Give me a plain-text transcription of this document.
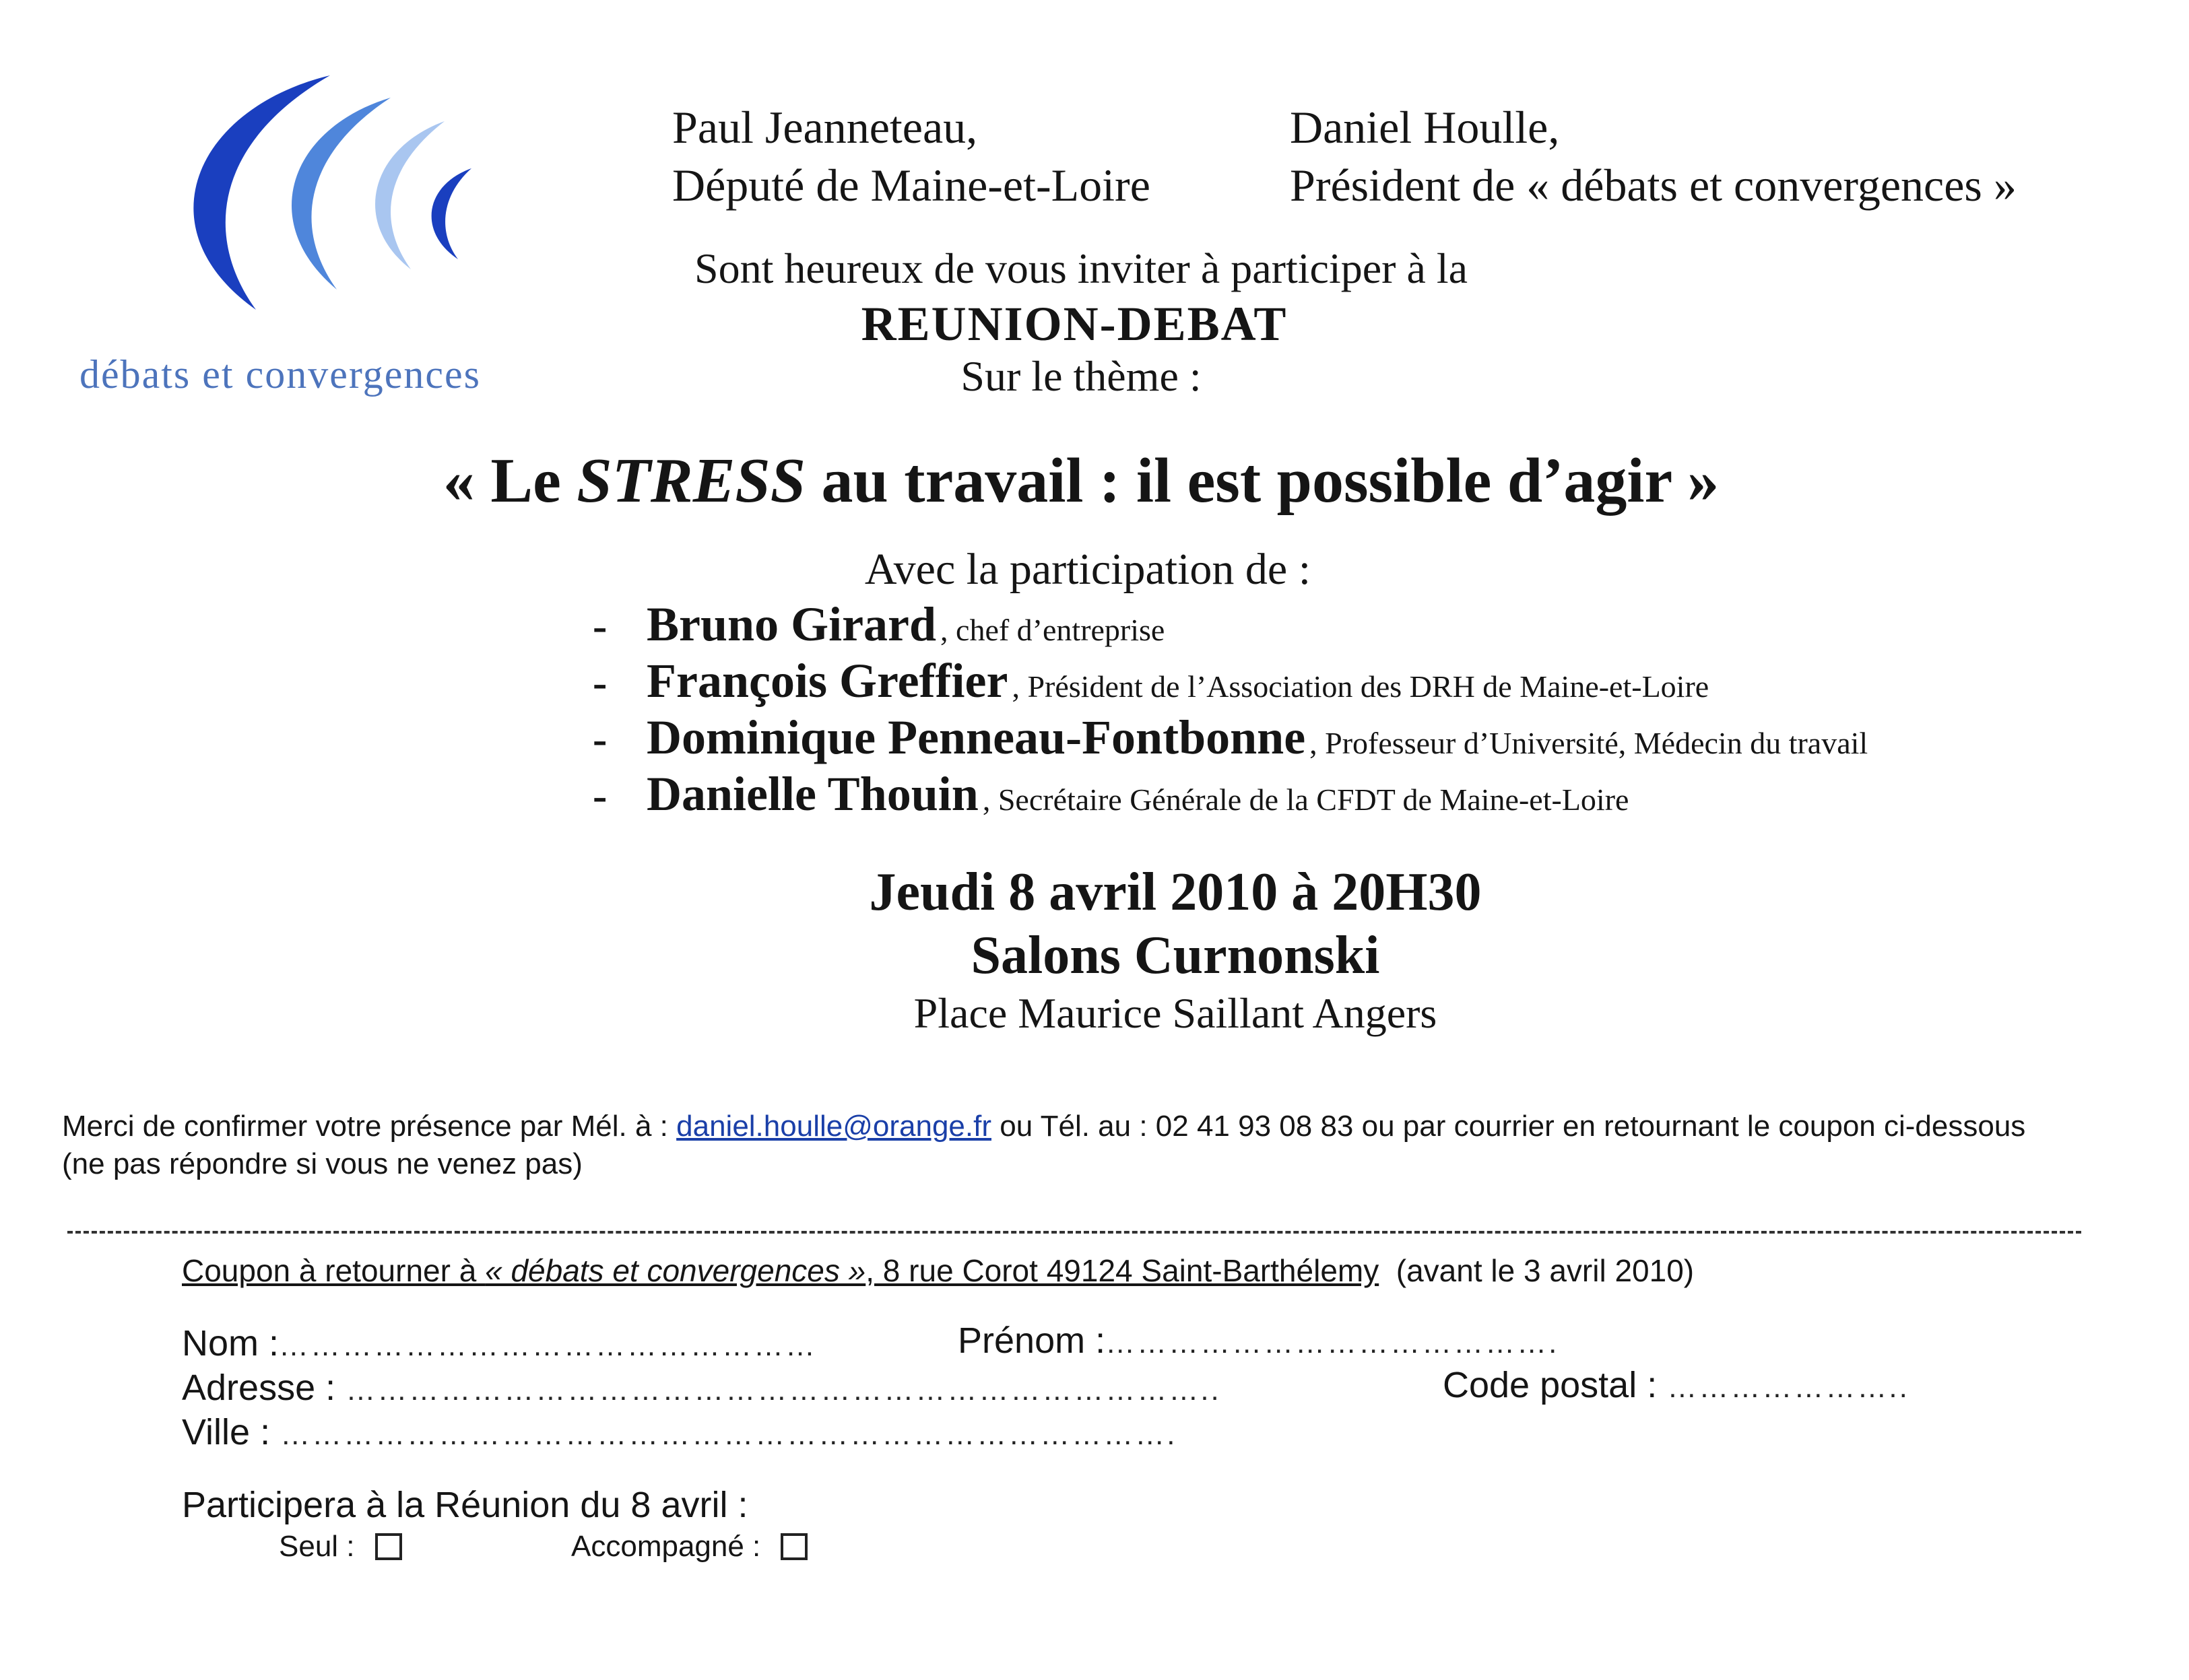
débats et convergences
Paul Jeanneteau,
Député de Maine-et-Loire
Daniel Houlle,
Président de « débats et convergences »
Sont heureux de vous inviter à participer à la
REUNION-DEBAT
Sur le thème :
« Le STRESS au travail : il est possible d’agir »
Avec la participation de :
- Bruno Girard , chef d’entreprise
- François Greffier , Président de l’Association des DRH de Maine-et-Loire
- Dominique Penneau-Fontbonne , Professeur d’Université, Médecin du travail
- Danielle Thouin , Secrétaire Générale de la CFDT de Maine-et-Loire
Jeudi 8 avril 2010 à 20H30
Salons Curnonski
Place Maurice Saillant Angers
Merci de confirmer votre présence par Mél. à : daniel.houlle@orange.fr ou Tél. au : 02 41 93 08 83 ou par courrier en retournant le coupon ci-dessous
(ne pas répondre si vous ne venez pas)
Coupon à retourner à « débats et convergences », 8 rue Corot 49124 Saint-Barthélemy  (avant le 3 avril 2010)
Nom : ……………………………………………	Prénom : …………………………………….
Adresse : ………………………………………………………………………..	Code postal : …………………..
Ville : ………………………………………………………………………….
Participera à la Réunion du 8 avril :
Seul :	Accompagné :
